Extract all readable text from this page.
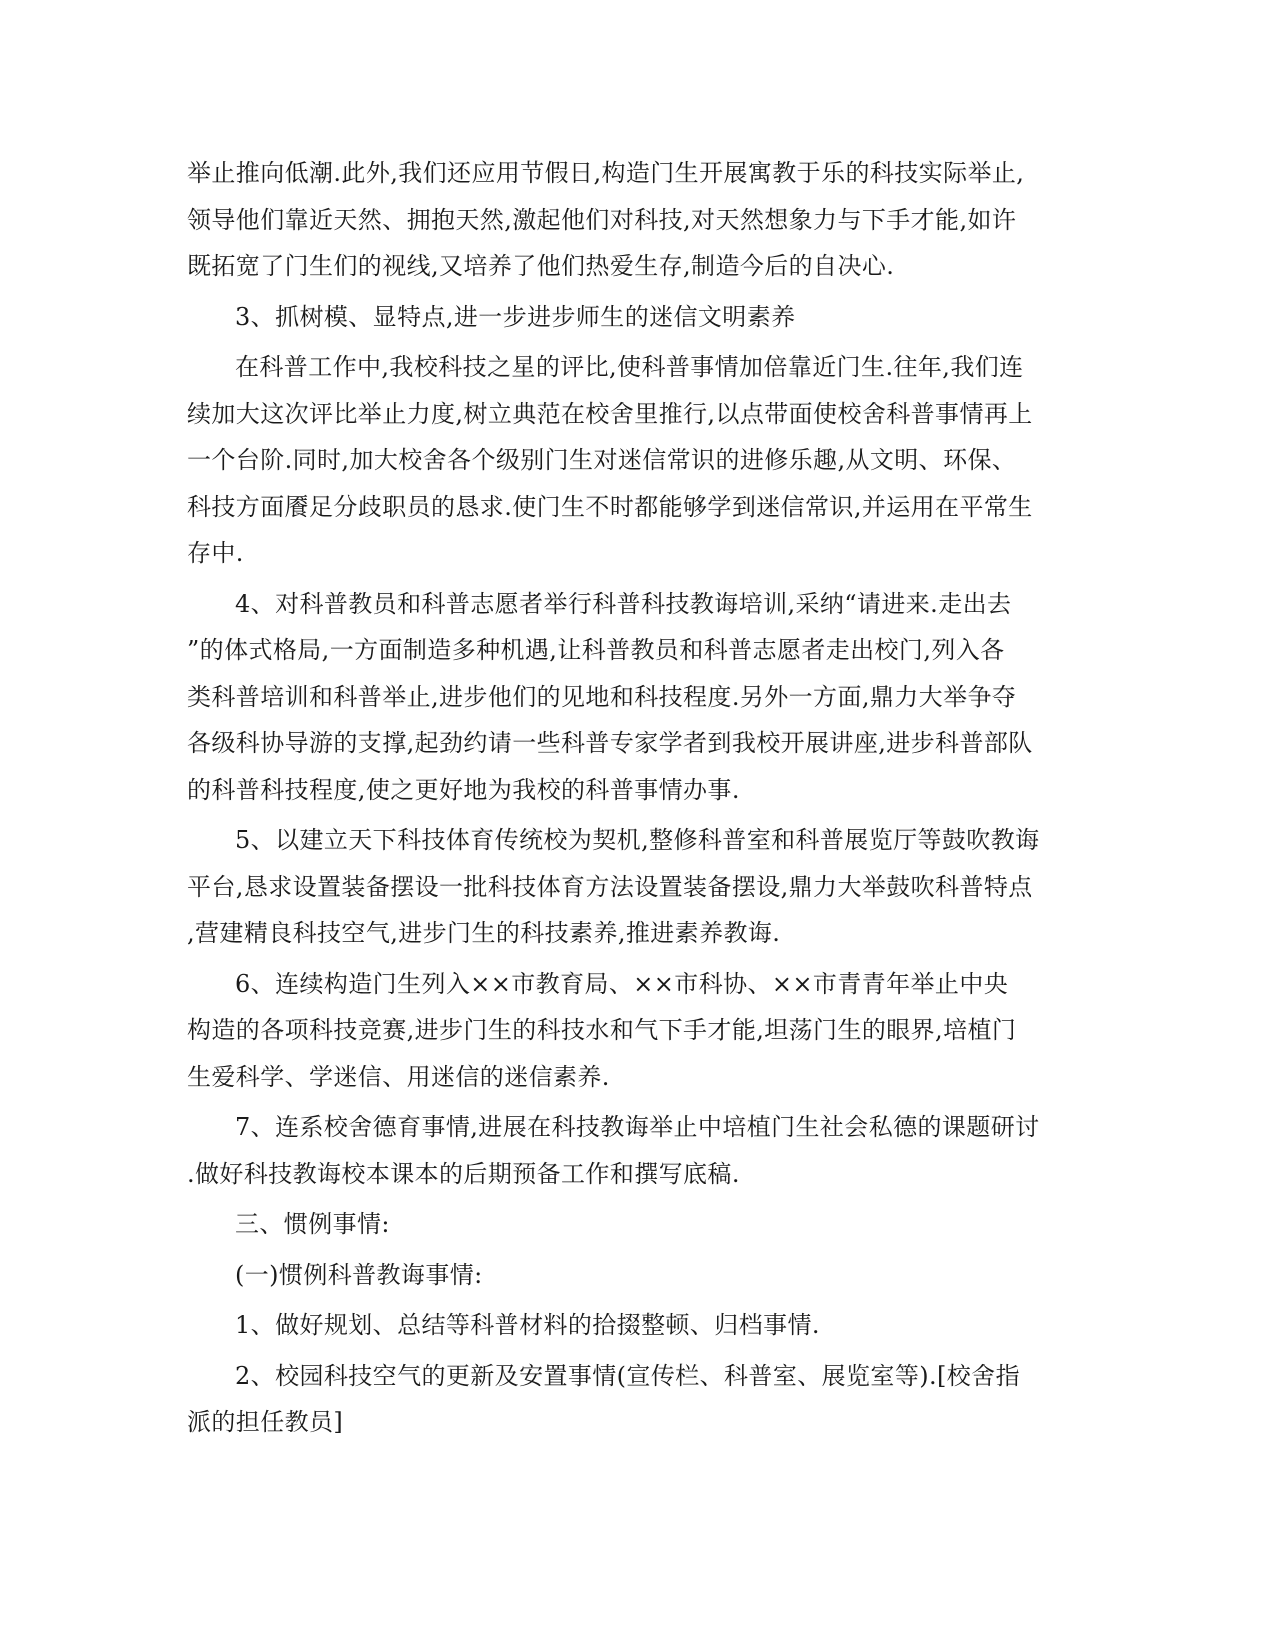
举止推向低潮.此外,我们还应用节假日,构造门生开展寓教于乐的科技实际举止,
领导他们靠近天然、拥抱天然,激起他们对科技,对天然想象力与下手才能,如许
既拓宽了门生们的视线,又培养了他们热爱生存,制造今后的自决心.
3、抓树模、显特点,进一步进步师生的迷信文明素养
在科普工作中,我校科技之星的评比,使科普事情加倍靠近门生.往年,我们连
续加大这次评比举止力度,树立典范在校舍里推行,以点带面使校舍科普事情再上
一个台阶.同时,加大校舍各个级别门生对迷信常识的进修乐趣,从文明、环保、
科技方面餍足分歧职员的恳求.使门生不时都能够学到迷信常识,并运用在平常生
存中.
4、对科普教员和科普志愿者举行科普科技教诲培训,采纳“请进来.走出去
”的体式格局,一方面制造多种机遇,让科普教员和科普志愿者走出校门,列入各
类科普培训和科普举止,进步他们的见地和科技程度.另外一方面,鼎力大举争夺
各级科协导游的支撑,起劲约请一些科普专家学者到我校开展讲座,进步科普部队
的科普科技程度,使之更好地为我校的科普事情办事.
5、以建立天下科技体育传统校为契机,整修科普室和科普展览厅等鼓吹教诲
平台,恳求设置装备摆设一批科技体育方法设置装备摆设,鼎力大举鼓吹科普特点
,营建精良科技空气,进步门生的科技素养,推进素养教诲.
6、连续构造门生列入××市教育局、××市科协、××市青青年举止中央
构造的各项科技竞赛,进步门生的科技水和气下手才能,坦荡门生的眼界,培植门
生爱科学、学迷信、用迷信的迷信素养.
7、连系校舍德育事情,进展在科技教诲举止中培植门生社会私德的课题研讨
.做好科技教诲校本课本的后期预备工作和撰写底稿.
三、惯例事情:
(一)惯例科普教诲事情:
1、做好规划、总结等科普材料的拾掇整顿、归档事情.
2、校园科技空气的更新及安置事情(宣传栏、科普室、展览室等).[校舍指
派的担任教员]
